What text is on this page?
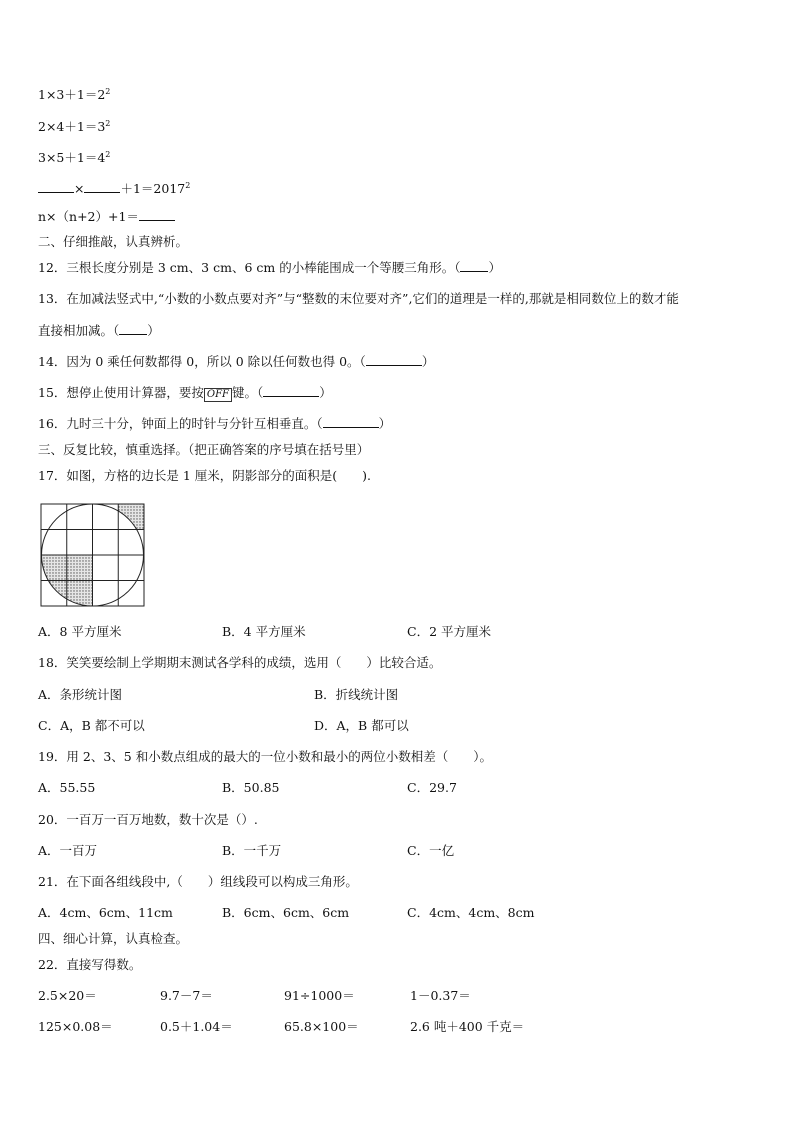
$1\times 3+1=2^2$
$2\times 4+1=3^2$
$3\times 5+1=4^2$
×	$+1=2017^2$
n×（n+2）+1＝
二、仔细推敲，认真辨析。
12．三根长度分别是 3 cm、3 cm、6 cm 的小棒能围成一个等腰三角形。（ ）
13．在加减法竖式中,“小数的小数点要对齐”与“整数的末位要对齐”,它们的道理是一样的,那就是相同数位上的数才能
直接相加减。（ ）
14．因为 0 乘任何数都得 0，所以 0 除以任何数也得 0。（	）
15．想停止使用计算器，要按 OFF 键。（	）
16．九时三十分，钟面上的时针与分针互相垂直。（	）
三、反复比较，慎重选择。（把正确答案的序号填在括号里）
17．如图，方格的边长是 1 厘米，阴影部分的面积是(　　).
A．8 平方厘米	B．4 平方厘米	C．2 平方厘米
18．笑笑要绘制上学期期末测试各学科的成绩，选用（　　）比较合适。
A．条形统计图	B．折线统计图
C．A，B 都不可以	D．A，B 都可以
19．用 2、3、5 和小数点组成的最大的一位小数和最小的两位小数相差（　　）。
A．55.55	B．50.85	C．29.7
20．一百万一百万地数，数十次是（）.
A．一百万	B．一千万	C．一亿
21．在下面各组线段中,（　　）组线段可以构成三角形。
A．4cm、6cm、11cm	B．6cm、6cm、6cm	C．4cm、4cm、8cm
四、细心计算，认真检查。
22．直接写得数。
2.5×20＝	9.7－7＝	91÷1000＝	1－0.37＝
125×0.08＝	0.5＋1.04＝	65.8×100＝	2.6 吨＋400 千克＝
